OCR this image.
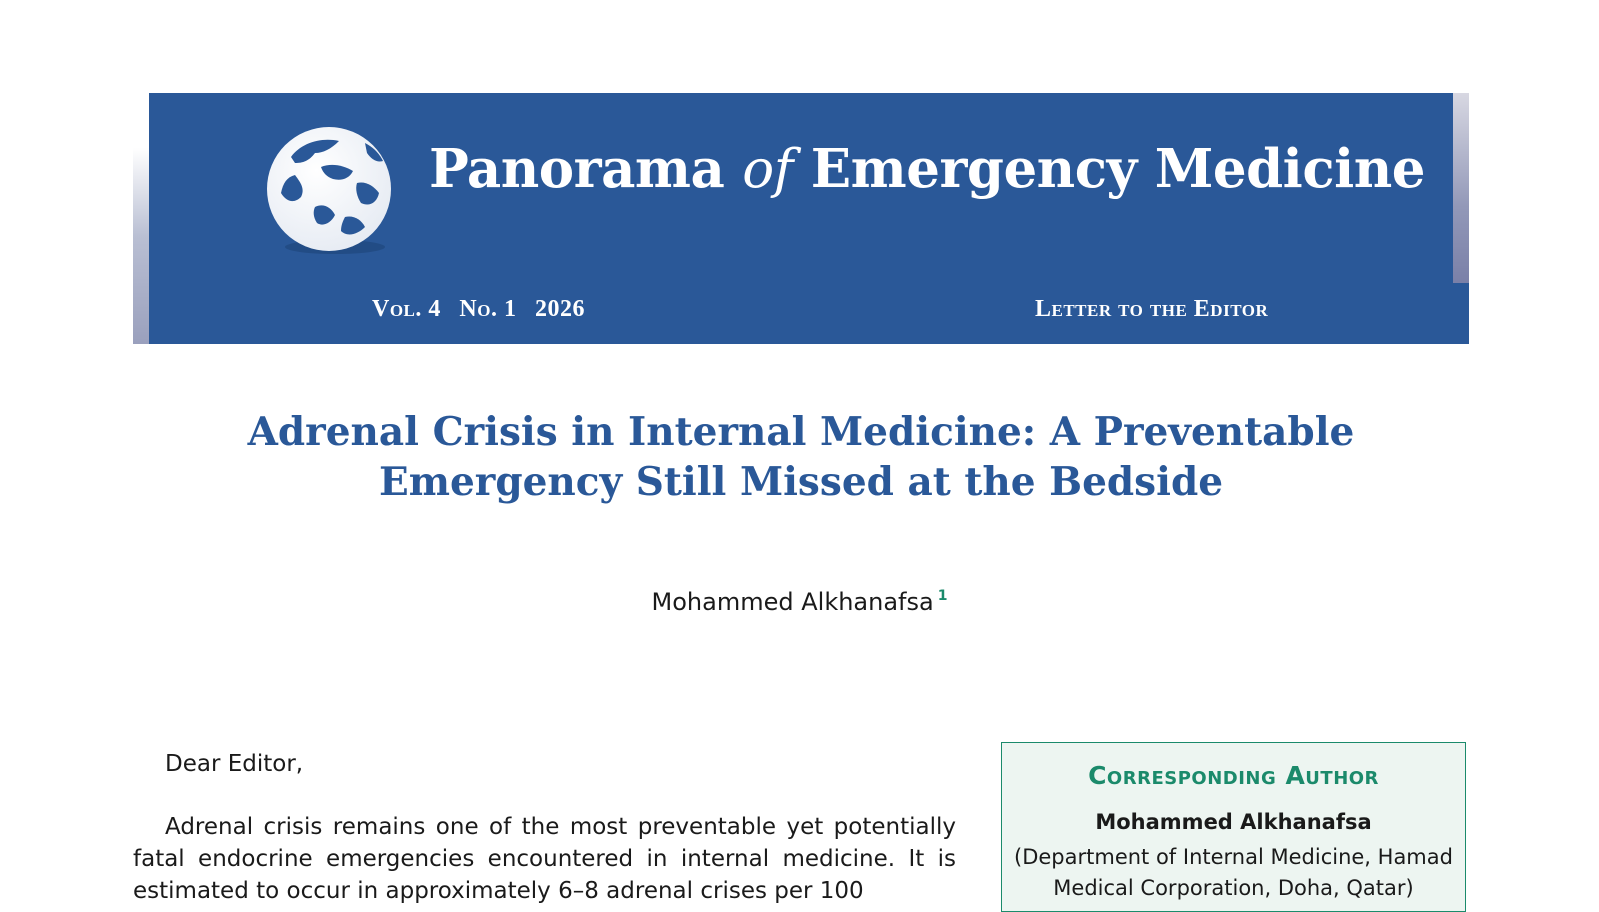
Panorama of Emergency Medicine
Vol. 4 No. 1 2026	Letter to the Editor
Adrenal Crisis in Internal Medicine: A Preventable Emergency Still Missed at the Bedside
Mohammed Alkhanafsa $^1$

Dear Editor,

Adrenal crisis remains one of the most preventable yet potentially fatal endocrine emergencies encountered in internal medicine. It is estimated to occur in approximately 6–8 adrenal crises per 100

Corresponding Author
Mohammed Alkhanafsa
(Department of Internal Medicine, Hamad Medical Corporation, Doha, Qatar)
